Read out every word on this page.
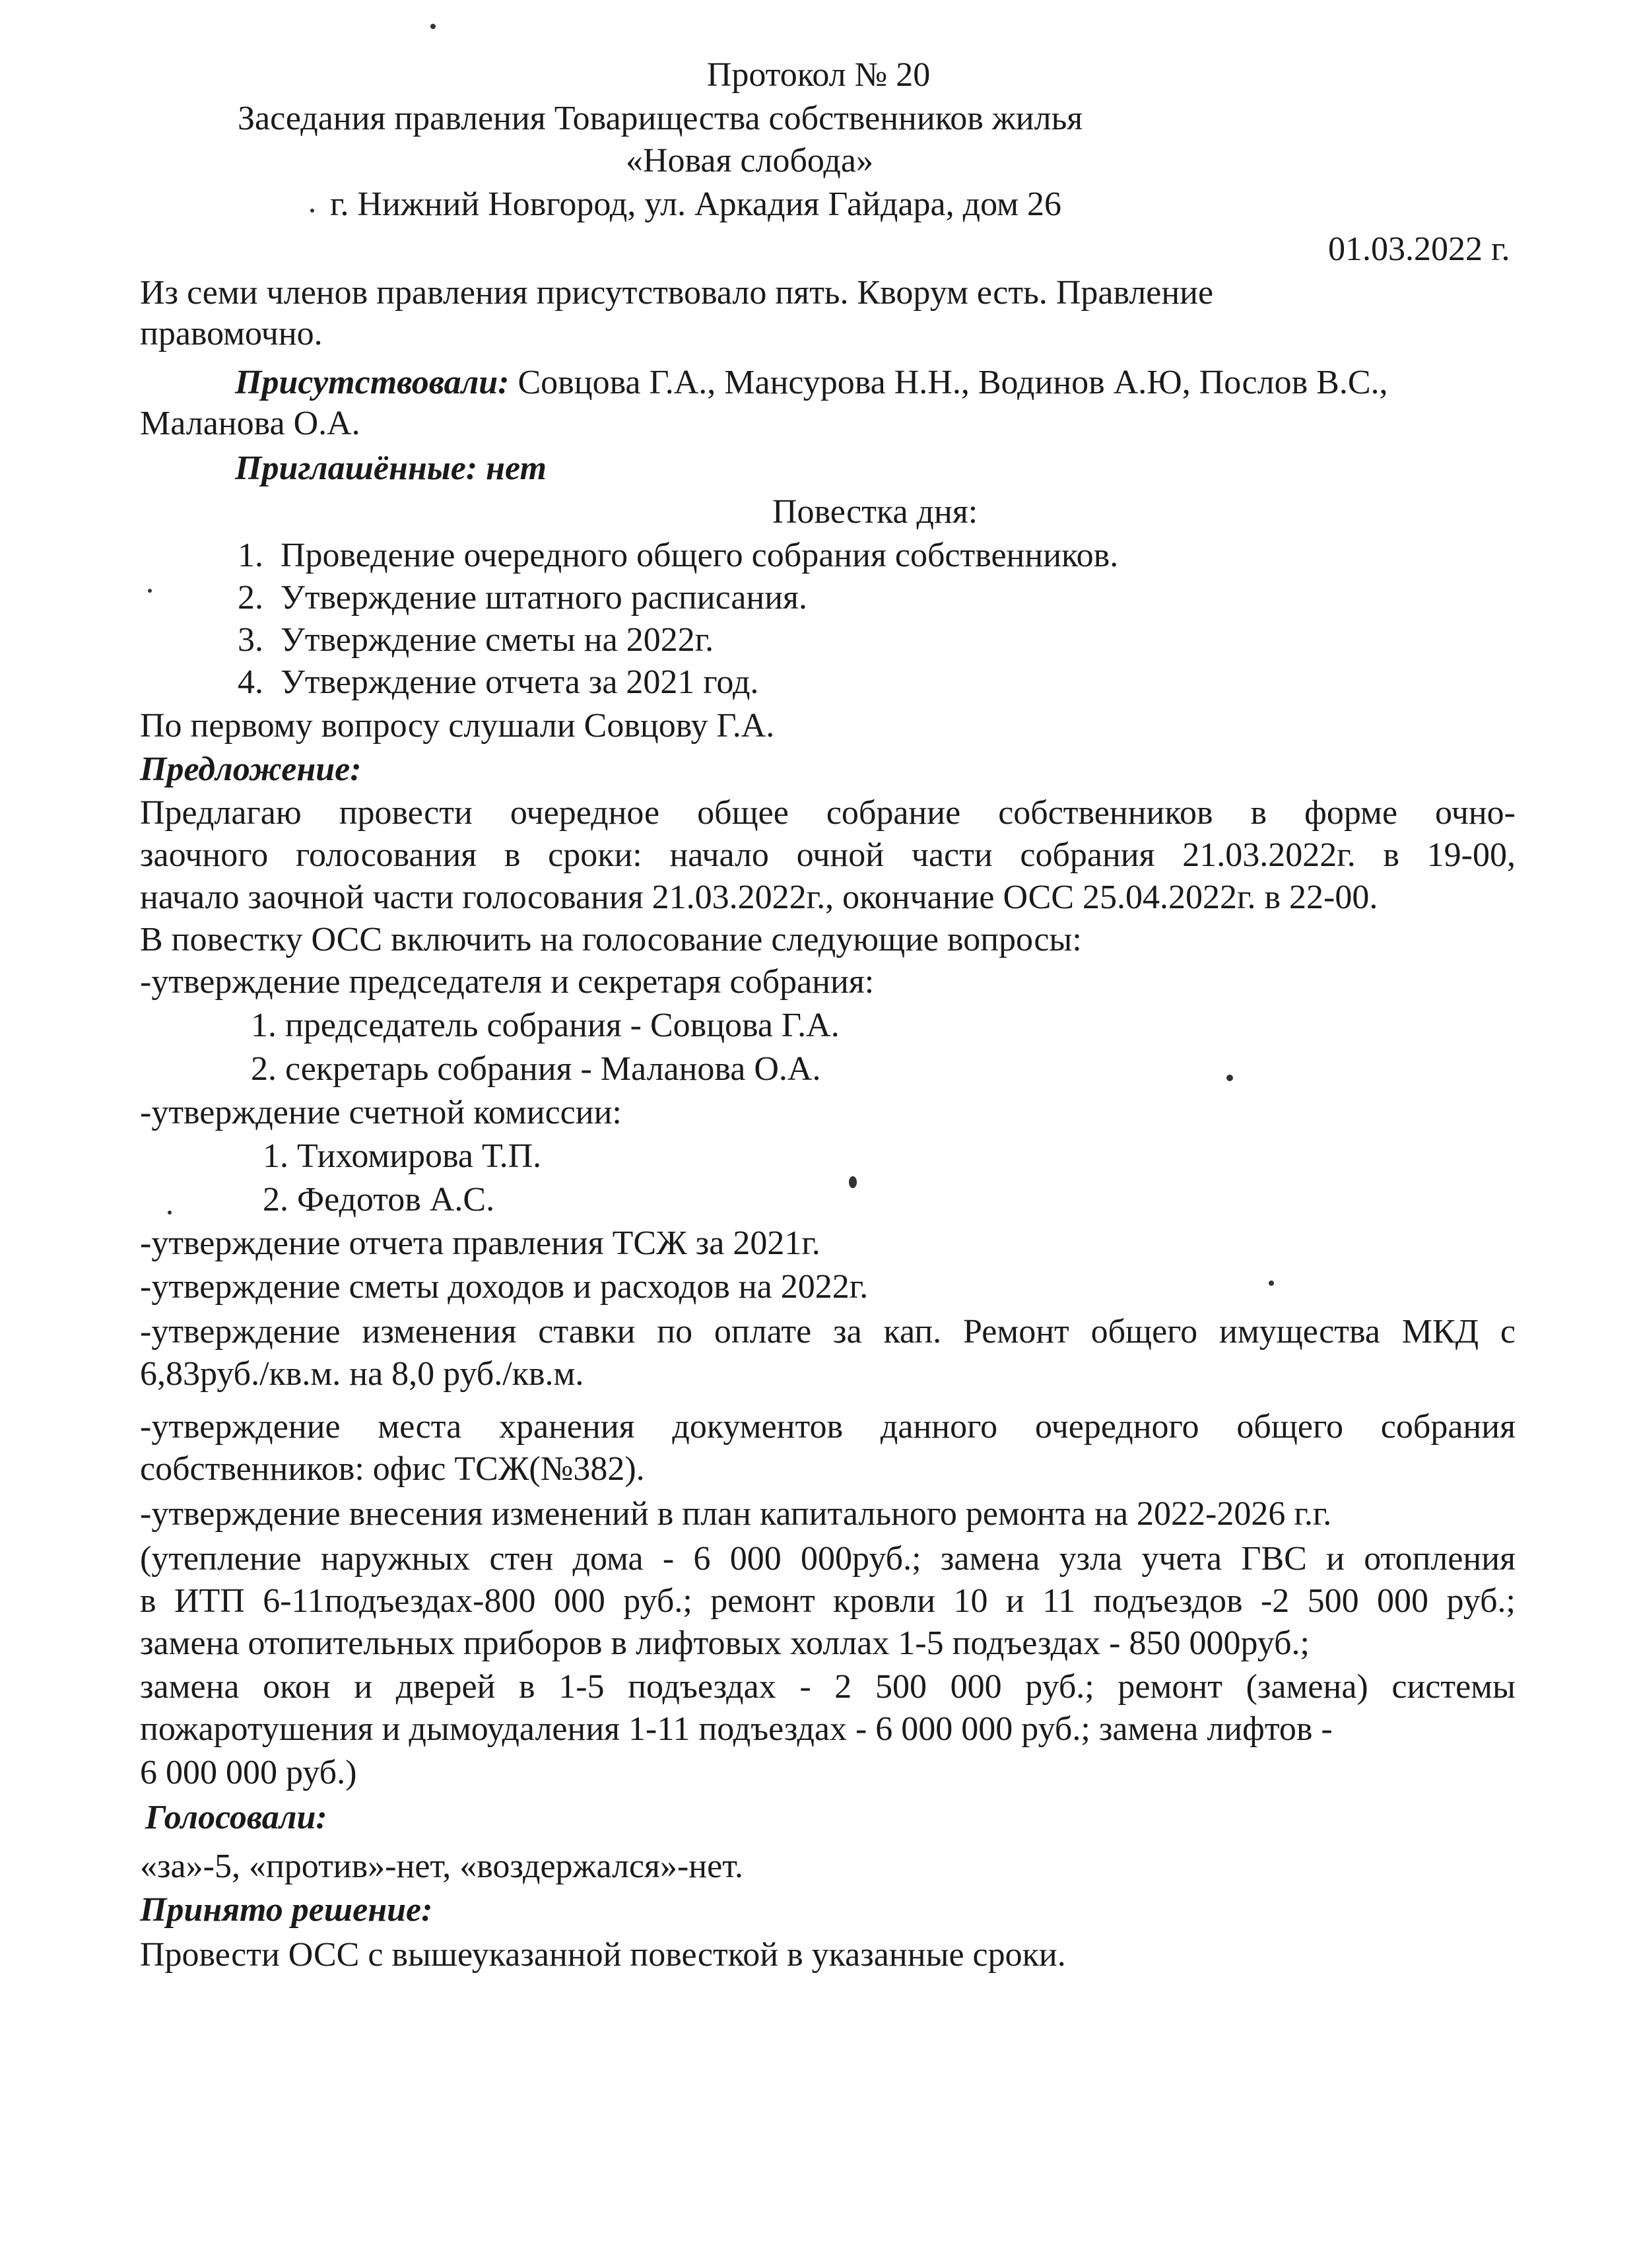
Протокол № 20
Заседания правления Товарищества собственников жилья
«Новая слобода»
г. Нижний Новгород, ул. Аркадия Гайдара, дом 26
01.03.2022 г.
Из семи членов правления присутствовало пять. Кворум есть. Правление
правомочно.
Присутствовали: Совцова Г.А., Мансурова Н.Н., Водинов А.Ю, Послов В.С.,
Маланова О.А.
Приглашённые: нет
Повестка дня:
1. Проведение очередного общего собрания собственников.
2. Утверждение штатного расписания.
3. Утверждение сметы на 2022г.
4. Утверждение отчета за 2021 год.
По первому вопросу слушали Совцову Г.А.
Предложение:
Предлагаю провести очередное общее собрание собственников в форме очно-
заочного голосования в сроки: начало очной части собрания 21.03.2022г. в 19-00,
начало заочной части голосования 21.03.2022г., окончание ОСС 25.04.2022г. в 22-00.
В повестку ОСС включить на голосование следующие вопросы:
-утверждение председателя и секретаря собрания:
1. председатель собрания - Совцова Г.А.
2. секретарь собрания - Маланова О.А.
-утверждение счетной комиссии:
1. Тихомирова Т.П.
2. Федотов А.С.
-утверждение отчета правления ТСЖ за 2021г.
-утверждение сметы доходов и расходов на 2022г.
-утверждение изменения ставки по оплате за кап. Ремонт общего имущества МКД с
6,83руб./кв.м. на 8,0 руб./кв.м.
-утверждение места хранения документов данного очередного общего собрания
собственников: офис ТСЖ(№382).
-утверждение внесения изменений в план капитального ремонта на 2022-2026 г.г.
(утепление наружных стен дома - 6 000 000руб.; замена узла учета ГВС и отопления
в ИТП 6-11подъездах-800 000 руб.; ремонт кровли 10 и 11 подъездов -2 500 000 руб.;
замена отопительных приборов в лифтовых холлах 1-5 подъездах - 850 000руб.;
замена окон и дверей в 1-5 подъездах - 2 500 000 руб.; ремонт (замена) системы
пожаротушения и дымоудаления 1-11 подъездах - 6 000 000 руб.; замена лифтов -
6 000 000 руб.)
Голосовали:
«за»-5, «против»-нет, «воздержался»-нет.
Принято решение:
Провести ОСС с вышеуказанной повесткой в указанные сроки.
